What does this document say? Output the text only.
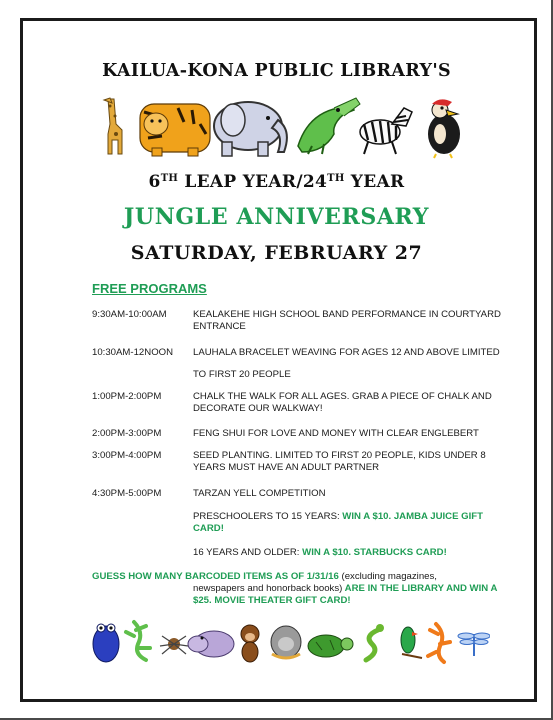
KAILUA-KONA PUBLIC LIBRARY'S
6TH LEAP YEAR/24TH YEAR
JUNGLE ANNIVERSARY
SATURDAY, FEBRUARY 27
FREE PROGRAMS
9:30AM-10:00AM	KEALAKEHE HIGH SCHOOL BAND PERFORMANCE IN COURTYARD ENTRANCE
10:30AM-12NOON	LAUHALA BRACELET WEAVING FOR AGES 12 AND ABOVE LIMITED
TO FIRST 20 PEOPLE
1:00PM-2:00PM	CHALK THE WALK FOR ALL AGES. GRAB A PIECE OF CHALK AND DECORATE OUR WALKWAY!
2:00PM-3:00PM	FENG SHUI FOR LOVE AND MONEY WITH CLEAR ENGLEBERT
3:00PM-4:00PM	SEED PLANTING. LIMITED TO FIRST 20 PEOPLE, KIDS UNDER 8 YEARS MUST HAVE AN ADULT PARTNER
4:30PM-5:00PM	TARZAN YELL COMPETITION
PRESCHOOLERS TO 15 YEARS: WIN A $10. JAMBA JUICE GIFT CARD!
16 YEARS AND OLDER: WIN A $10. STARBUCKS CARD!
GUESS HOW MANY BARCODED ITEMS AS OF 1/31/16 (excluding magazines,
newspapers and honorback books) ARE IN THE LIBRARY AND WIN A $25. MOVIE THEATER GIFT CARD!
